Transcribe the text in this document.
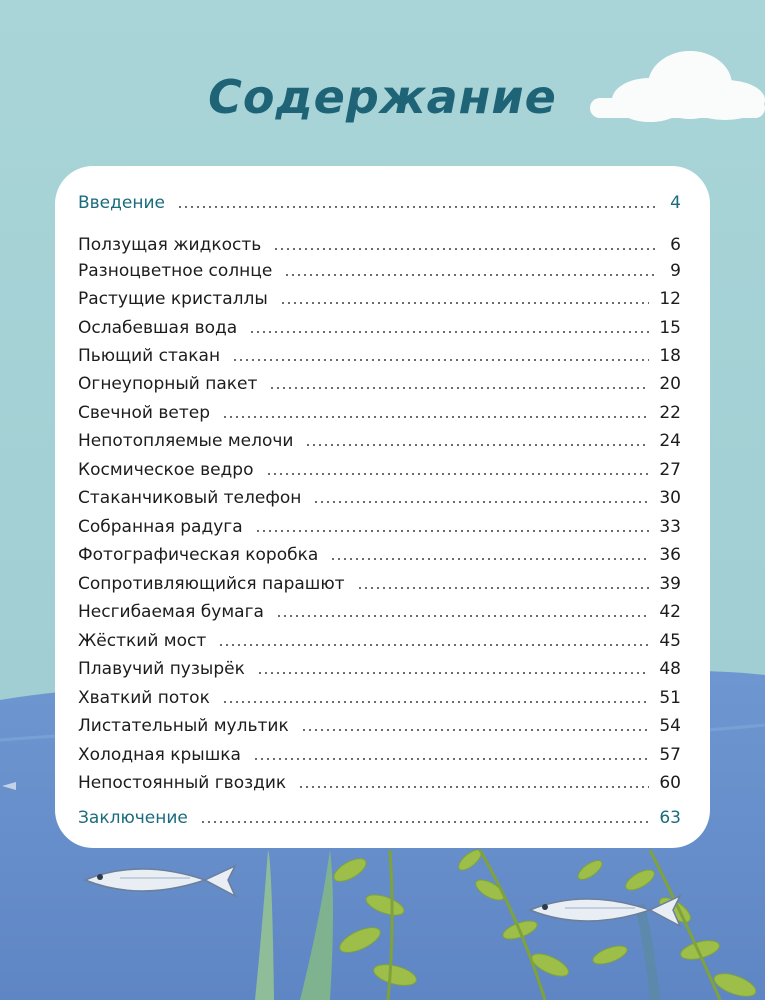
Содержание
Введение	4
Ползущая жидкость	6
Разноцветное солнце	9
Растущие кристаллы	12
Ослабевшая вода	15
Пьющий стакан	18
Огнеупорный пакет	20
Свечной ветер	22
Непотопляемые мелочи	24
Космическое ведро	27
Стаканчиковый телефон	30
Собранная радуга	33
Фотографическая коробка	36
Сопротивляющийся парашют	39
Несгибаемая бумага	42
Жёсткий мост	45
Плавучий пузырёк	48
Хваткий поток	51
Листательный мультик	54
Холодная крышка	57
Непостоянный гвоздик	60
Заключение	63
